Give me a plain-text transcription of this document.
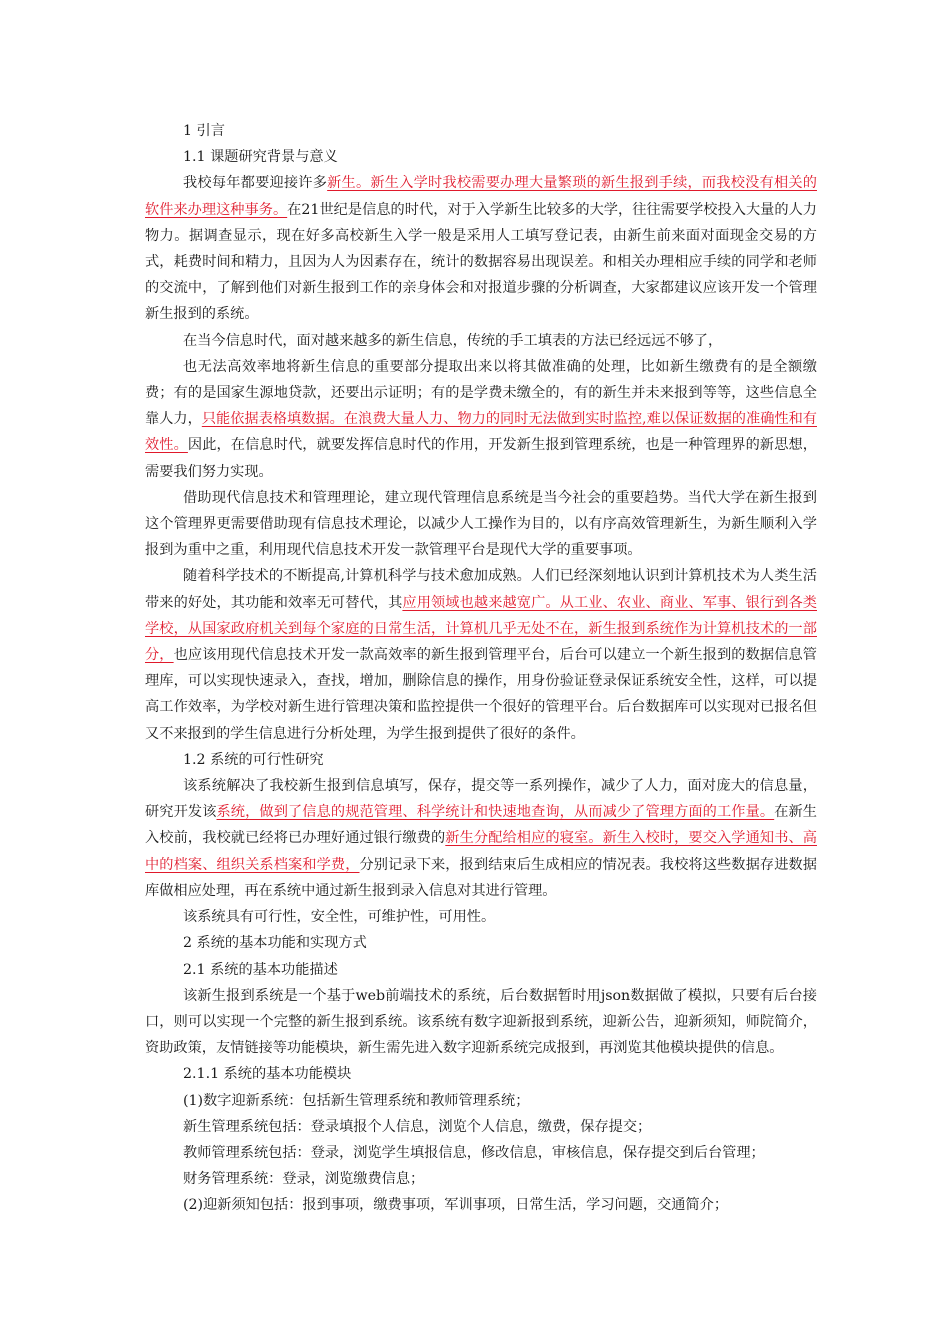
1 引言

1.1 课题研究背景与意义

我校每年都要迎接许多新生。新生入学时我校需要办理大量繁琐的新生报到手续，而我校没有相关的软件来办理这种事务。在21世纪是信息的时代，对于入学新生比较多的大学，往往需要学校投入大量的人力物力。据调查显示，现在好多高校新生入学一般是采用人工填写登记表，由新生前来面对面现金交易的方式，耗费时间和精力，且因为人为因素存在，统计的数据容易出现误差。和相关办理相应手续的同学和老师的交流中，了解到他们对新生报到工作的亲身体会和对报道步骤的分析调查，大家都建议应该开发一个管理新生报到的系统。

在当今信息时代，面对越来越多的新生信息，传统的手工填表的方法已经远远不够了，

也无法高效率地将新生信息的重要部分提取出来以将其做准确的处理，比如新生缴费有的是全额缴费；有的是国家生源地贷款，还要出示证明；有的是学费未缴全的，有的新生并未来报到等等，这些信息全靠人力，只能依据表格填数据。在浪费大量人力、物力的同时无法做到实时监控,难以保证数据的准确性和有效性。因此，在信息时代，就要发挥信息时代的作用，开发新生报到管理系统，也是一种管理界的新思想，需要我们努力实现。

借助现代信息技术和管理理论，建立现代管理信息系统是当今社会的重要趋势。当代大学在新生报到这个管理界更需要借助现有信息技术理论，以减少人工操作为目的，以有序高效管理新生，为新生顺利入学报到为重中之重，利用现代信息技术开发一款管理平台是现代大学的重要事项。

随着科学技术的不断提高,计算机科学与技术愈加成熟。人们已经深刻地认识到计算机技术为人类生活带来的好处，其功能和效率无可替代，其应用领域也越来越宽广。从工业、农业、商业、军事、银行到各类学校，从国家政府机关到每个家庭的日常生活，计算机几乎无处不在，新生报到系统作为计算机技术的一部分，也应该用现代信息技术开发一款高效率的新生报到管理平台，后台可以建立一个新生报到的数据信息管理库，可以实现快速录入，查找，增加，删除信息的操作，用身份验证登录保证系统安全性，这样，可以提高工作效率，为学校对新生进行管理决策和监控提供一个很好的管理平台。后台数据库可以实现对已报名但又不来报到的学生信息进行分析处理，为学生报到提供了很好的条件。

1.2 系统的可行性研究

该系统解决了我校新生报到信息填写，保存，提交等一系列操作，减少了人力，面对庞大的信息量，研究开发该系统，做到了信息的规范管理、科学统计和快速地查询，从而减少了管理方面的工作量。在新生入校前，我校就已经将已办理好通过银行缴费的新生分配给相应的寝室。新生入校时，要交入学通知书、高中的档案、组织关系档案和学费，分别记录下来，报到结束后生成相应的情况表。我校将这些数据存进数据库做相应处理，再在系统中通过新生报到录入信息对其进行管理。

该系统具有可行性，安全性，可维护性，可用性。

2 系统的基本功能和实现方式

2.1 系统的基本功能描述

该新生报到系统是一个基于web前端技术的系统，后台数据暂时用json数据做了模拟，只要有后台接口，则可以实现一个完整的新生报到系统。该系统有数字迎新报到系统，迎新公告，迎新须知，师院简介，资助政策，友情链接等功能模块，新生需先进入数字迎新系统完成报到，再浏览其他模块提供的信息。

2.1.1 系统的基本功能模块

(1)数字迎新系统：包括新生管理系统和教师管理系统；

新生管理系统包括：登录填报个人信息，浏览个人信息，缴费，保存提交；

教师管理系统包括：登录，浏览学生填报信息，修改信息，审核信息，保存提交到后台管理；

财务管理系统：登录，浏览缴费信息；

(2)迎新须知包括：报到事项，缴费事项，军训事项，日常生活，学习问题，交通简介；
